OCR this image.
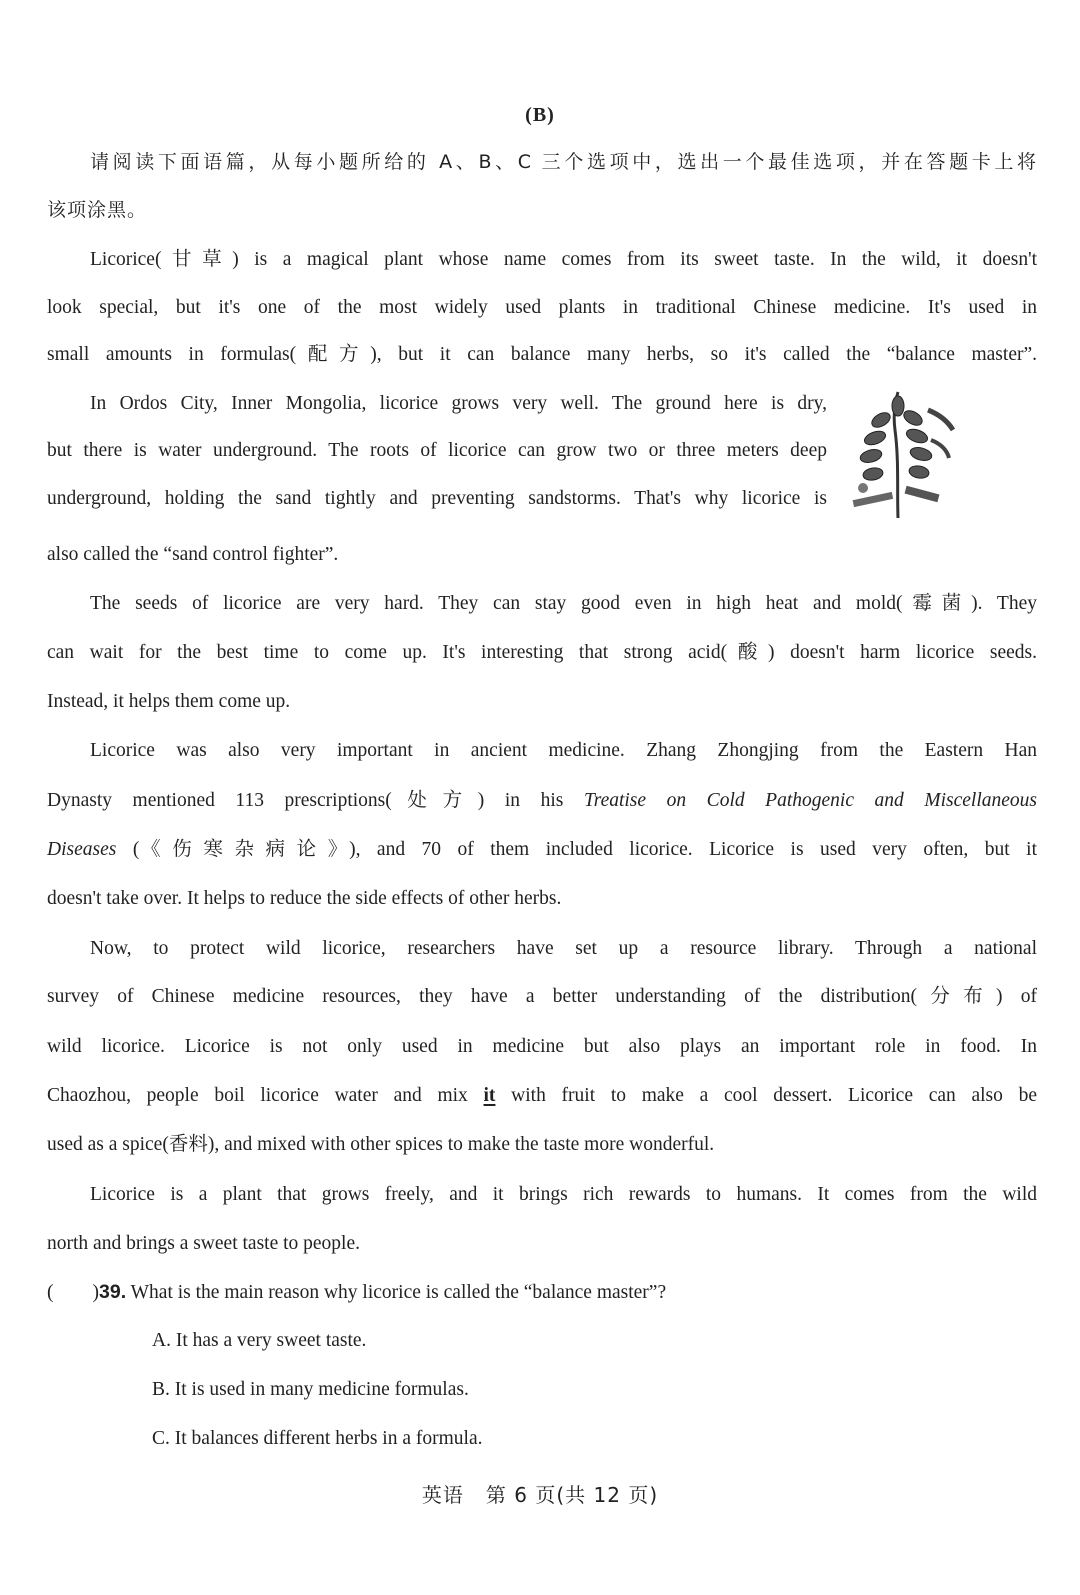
(B)
请阅读下面语篇，从每小题所给的 A、B、C 三个选项中，选出一个最佳选项，并在答题卡上将
该项涂黑。
Licorice(甘草) is a magical plant whose name comes from its sweet taste. In the wild, it doesn't
look special, but it's one of the most widely used plants in traditional Chinese medicine. It's used in
small amounts in formulas(配方), but it can balance many herbs, so it's called the “balance master”.
In Ordos City, Inner Mongolia, licorice grows very well. The ground here is dry,
but there is water underground. The roots of licorice can grow two or three meters deep
underground, holding the sand tightly and preventing sandstorms. That's why licorice is
also called the “sand control fighter”.
The seeds of licorice are very hard. They can stay good even in high heat and mold(霉菌). They
can wait for the best time to come up. It's interesting that strong acid(酸) doesn't harm licorice seeds.
Instead, it helps them come up.
Licorice was also very important in ancient medicine. Zhang Zhongjing from the Eastern Han
Dynasty mentioned 113 prescriptions(处方) in his Treatise on Cold Pathogenic and Miscellaneous
Diseases (《伤寒杂病论》), and 70 of them included licorice. Licorice is used very often, but it
doesn't take over. It helps to reduce the side effects of other herbs.
Now, to protect wild licorice, researchers have set up a resource library. Through a national
survey of Chinese medicine resources, they have a better understanding of the distribution(分布) of
wild licorice. Licorice is not only used in medicine but also plays an important role in food. In
Chaozhou, people boil licorice water and mix it with fruit to make a cool dessert. Licorice can also be
used as a spice(香料), and mixed with other spices to make the taste more wonderful.
Licorice is a plant that grows freely, and it brings rich rewards to humans. It comes from the wild
north and brings a sweet taste to people.
(        )39. What is the main reason why licorice is called the “balance master”?
A. It has a very sweet taste.
B. It is used in many medicine formulas.
C. It balances different herbs in a formula.
英语   第 6 页(共 12 页)
